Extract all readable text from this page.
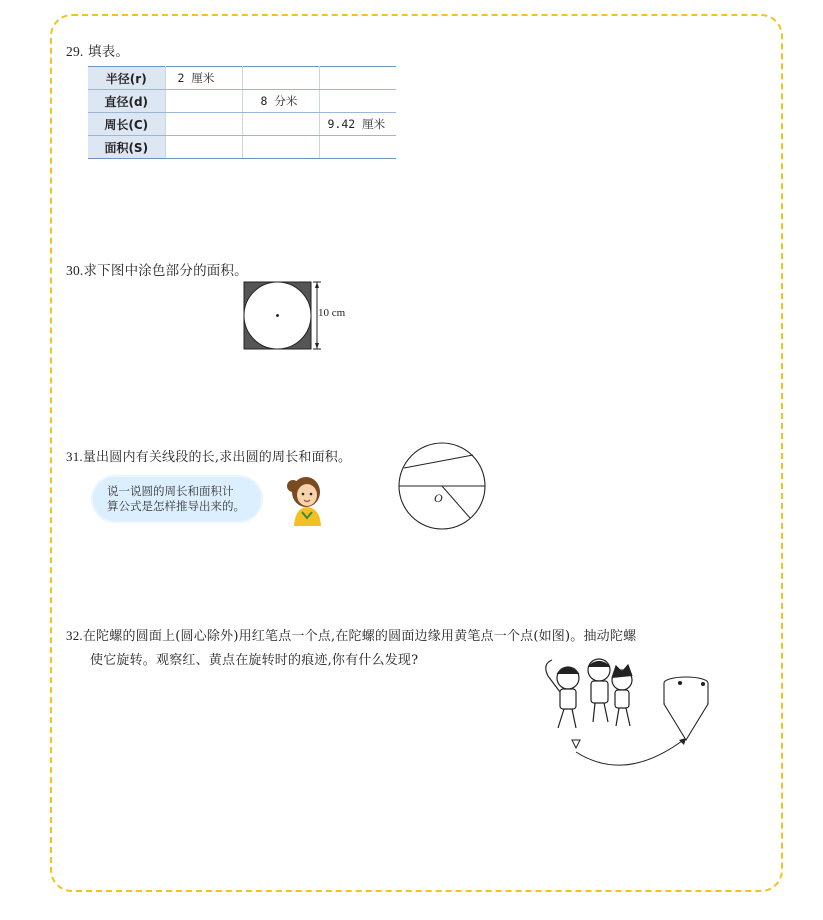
29. 填表。
半径(r)	2 厘米		
直径(d)		8 分米	
周长(C)			9.42 厘米
面积(S)			
30.求下图中涂色部分的面积。
10 cm
31.量出圆内有关线段的长,求出圆的周长和面积。
说一说圆的周长和面积计
算公式是怎样推导出来的。
O
32.在陀螺的圆面上(圆心除外)用红笔点一个点,在陀螺的圆面边缘用黄笔点一个点(如图)。抽动陀螺
使它旋转。观察红、黄点在旋转时的痕迹,你有什么发现?
